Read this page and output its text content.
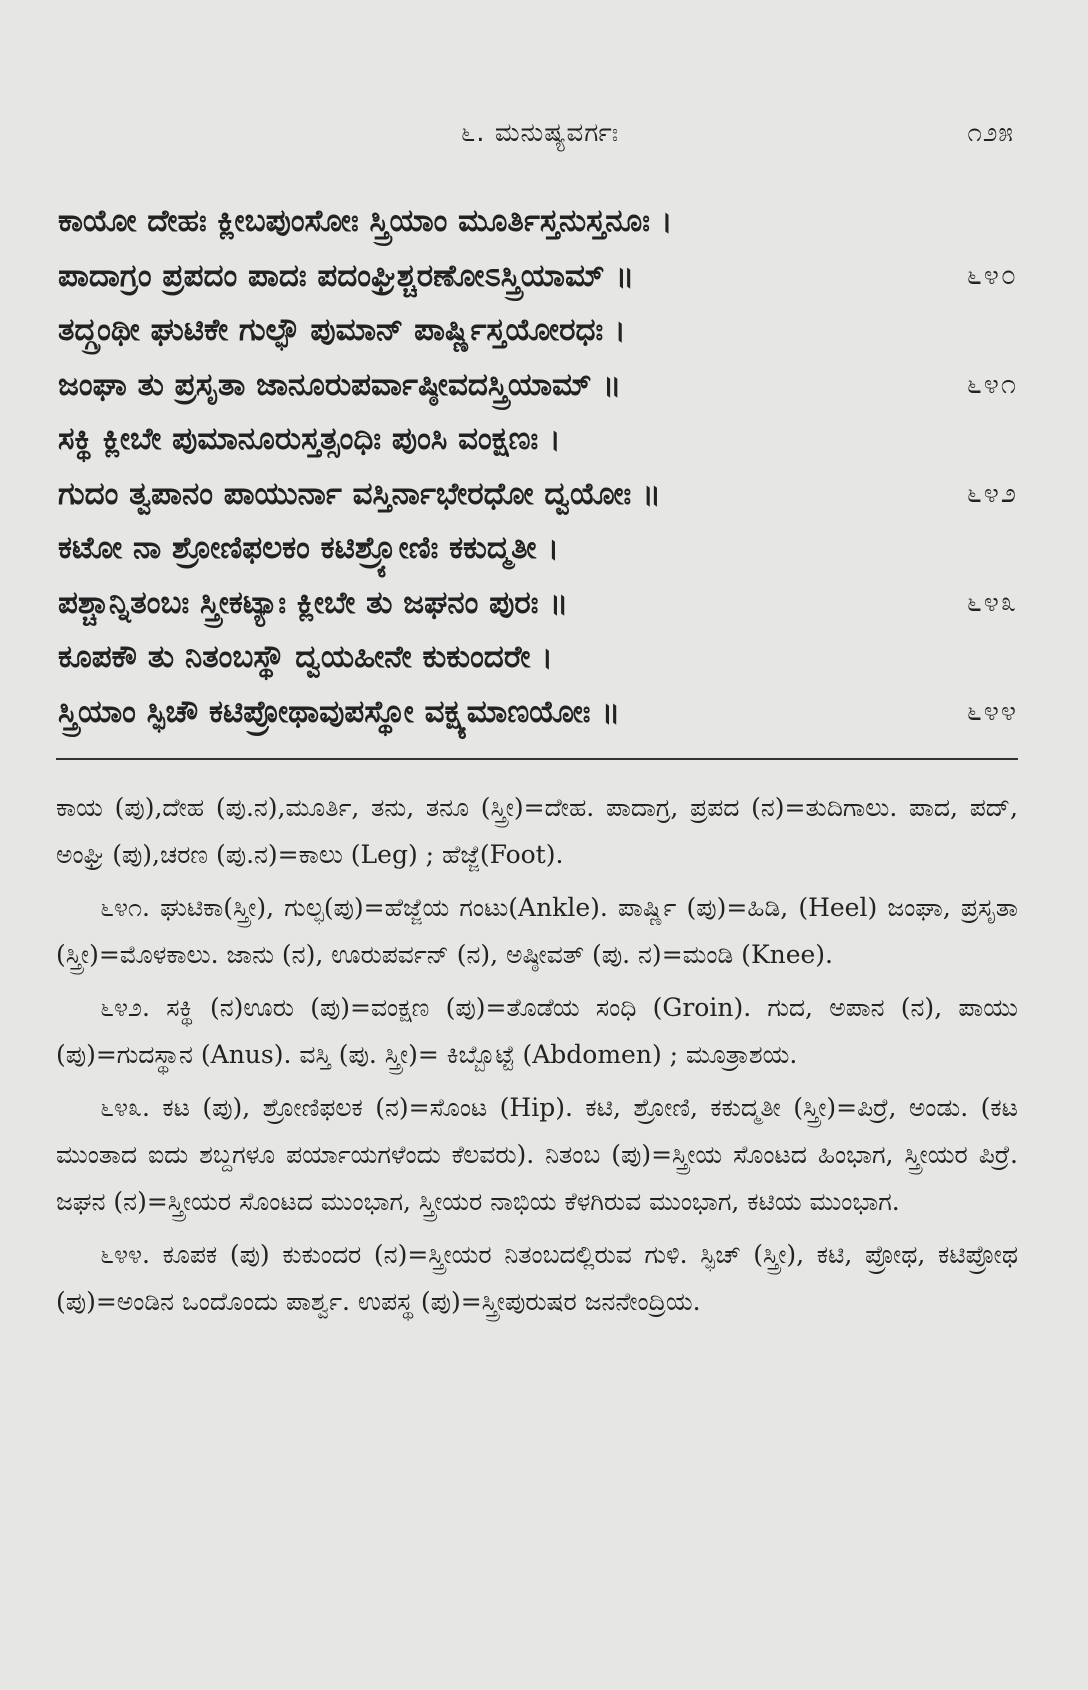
೬. ಮನುಷ್ಯವರ್ಗಃ	೧೨೫
ಕಾಯೋ ದೇಹಃ ಕ್ಲೀಬಪುಂಸೋಃ ಸ್ತ್ರಿಯಾಂ ಮೂರ್ತಿಸ್ತನುಸ್ತನೂಃ ।
ಪಾದಾಗ್ರಂ ಪ್ರಪದಂ ಪಾದಃ ಪದಂಘ್ರಿಶ್ಚರಣೋಽಸ್ತ್ರಿಯಾಮ್ ॥	೬೪೦
ತದ್ಗ್ರಂಥೀ ಘುಟಿಕೇ ಗುಲ್ಫೌ ಪುಮಾನ್ ಪಾರ್ಷ್ಣಿಸ್ತಯೋರಧಃ ।
ಜಂಘಾ ತು ಪ್ರಸೃತಾ ಜಾನೂರುಪರ್ವಾಷ್ಠೀವದಸ್ತ್ರಿಯಾಮ್ ॥	೬೪೧
ಸಕ್ಥಿ ಕ್ಲೀಬೇ ಪುಮಾನೂರುಸ್ತತ್ಸಂಧಿಃ ಪುಂಸಿ ವಂಕ್ಷಣಃ ।
ಗುದಂ ತ್ವಪಾನಂ ಪಾಯುರ್ನಾ ವಸ್ತಿರ್ನಾಭೇರಧೋ ದ್ವಯೋಃ ॥	೬೪೨
ಕಟೋ ನಾ ಶ್ರೋಣಿಫಲಕಂ ಕಟಿಶ್ರ್ಯೋಣಿಃ ಕಕುದ್ಮತೀ ।
ಪಶ್ಚಾನ್ನಿತಂಬಃ ಸ್ತ್ರೀಕಟ್ಯಾಃ ಕ್ಲೀಬೇ ತು ಜಘನಂ ಪುರಃ ॥	೬೪೩
ಕೂಪಕೌ ತು ನಿತಂಬಸ್ಥೌ ದ್ವಯಹೀನೇ ಕುಕುಂದರೇ ।
ಸ್ತ್ರಿಯಾಂ ಸ್ಫಿಚೌ ಕಟಿಪ್ರೋಥಾವುಪಸ್ಥೋ ವಕ್ಷ್ಯಮಾಣಯೋಃ ॥	೬೪೪

ಕಾಯ (ಪು),ದೇಹ (ಪು.ನ),ಮೂರ್ತಿ, ತನು, ತನೂ (ಸ್ತ್ರೀ)=ದೇಹ. ಪಾದಾಗ್ರ, ಪ್ರಪದ (ನ)=ತುದಿಗಾಲು. ಪಾದ, ಪದ್, ಅಂಘ್ರಿ (ಪು),ಚರಣ (ಪು.ನ)=ಕಾಲು (Leg) ; ಹೆಜ್ಜೆ(Foot).

೬೪೧. ಘುಟಿಕಾ(ಸ್ತ್ರೀ), ಗುಲ್ಫ(ಪು)=ಹೆಜ್ಜೆಯ ಗಂಟು(Ankle). ಪಾರ್ಷ್ಣಿ (ಪು)=ಹಿಡಿ, (Heel) ಜಂಘಾ, ಪ್ರಸೃತಾ (ಸ್ತ್ರೀ)=ಮೊಳಕಾಲು. ಜಾನು (ನ), ಊರುಪರ್ವನ್ (ನ), ಅಷ್ಠೀವತ್ (ಪು. ನ)=ಮಂಡಿ (Knee).

೬೪೨. ಸಕ್ಥಿ (ನ)ಊರು (ಪು)=ವಂಕ್ಷಣ (ಪು)=ತೊಡೆಯ ಸಂಧಿ (Groin). ಗುದ, ಅಪಾನ (ನ), ಪಾಯು (ಪು)=ಗುದಸ್ಥಾನ (Anus). ವಸ್ತಿ (ಪು. ಸ್ತ್ರೀ)= ಕಿಬ್ಬೊಟ್ಟೆ (Abdomen) ; ಮೂತ್ರಾಶಯ.

೬೪೩. ಕಟ (ಪು), ಶ್ರೋಣಿಫಲಕ (ನ)=ಸೊಂಟ (Hip). ಕಟಿ, ಶ್ರೋಣಿ, ಕಕುದ್ಮತೀ (ಸ್ತ್ರೀ)=ಪಿರ್ರೆ, ಅಂಡು. (ಕಟ ಮುಂತಾದ ಐದು ಶಬ್ದಗಳೂ ಪರ್ಯಾಯಗಳೆಂದು ಕೆಲವರು). ನಿತಂಬ (ಪು)=ಸ್ತ್ರೀಯ ಸೊಂಟದ ಹಿಂಭಾಗ, ಸ್ತ್ರೀಯರ ಪಿರ್ರೆ. ಜಘನ (ನ)=ಸ್ತ್ರೀಯರ ಸೊಂಟದ ಮುಂಭಾಗ, ಸ್ತ್ರೀಯರ ನಾಭಿಯ ಕೆಳಗಿರುವ ಮುಂಭಾಗ, ಕಟಿಯ ಮುಂಭಾಗ.

೬೪೪. ಕೂಪಕ (ಪು) ಕುಕುಂದರ (ನ)=ಸ್ತ್ರೀಯರ ನಿತಂಬದಲ್ಲಿರುವ ಗುಳಿ. ಸ್ಫಿಚ್ (ಸ್ತ್ರೀ), ಕಟಿ, ಪ್ರೋಥ, ಕಟಿಪ್ರೋಥ (ಪು)=ಅಂಡಿನ ಒಂದೊಂದು ಪಾರ್ಶ್ವ. ಉಪಸ್ಥ (ಪು)=ಸ್ತ್ರೀಪುರುಷರ ಜನನೇಂದ್ರಿಯ.
